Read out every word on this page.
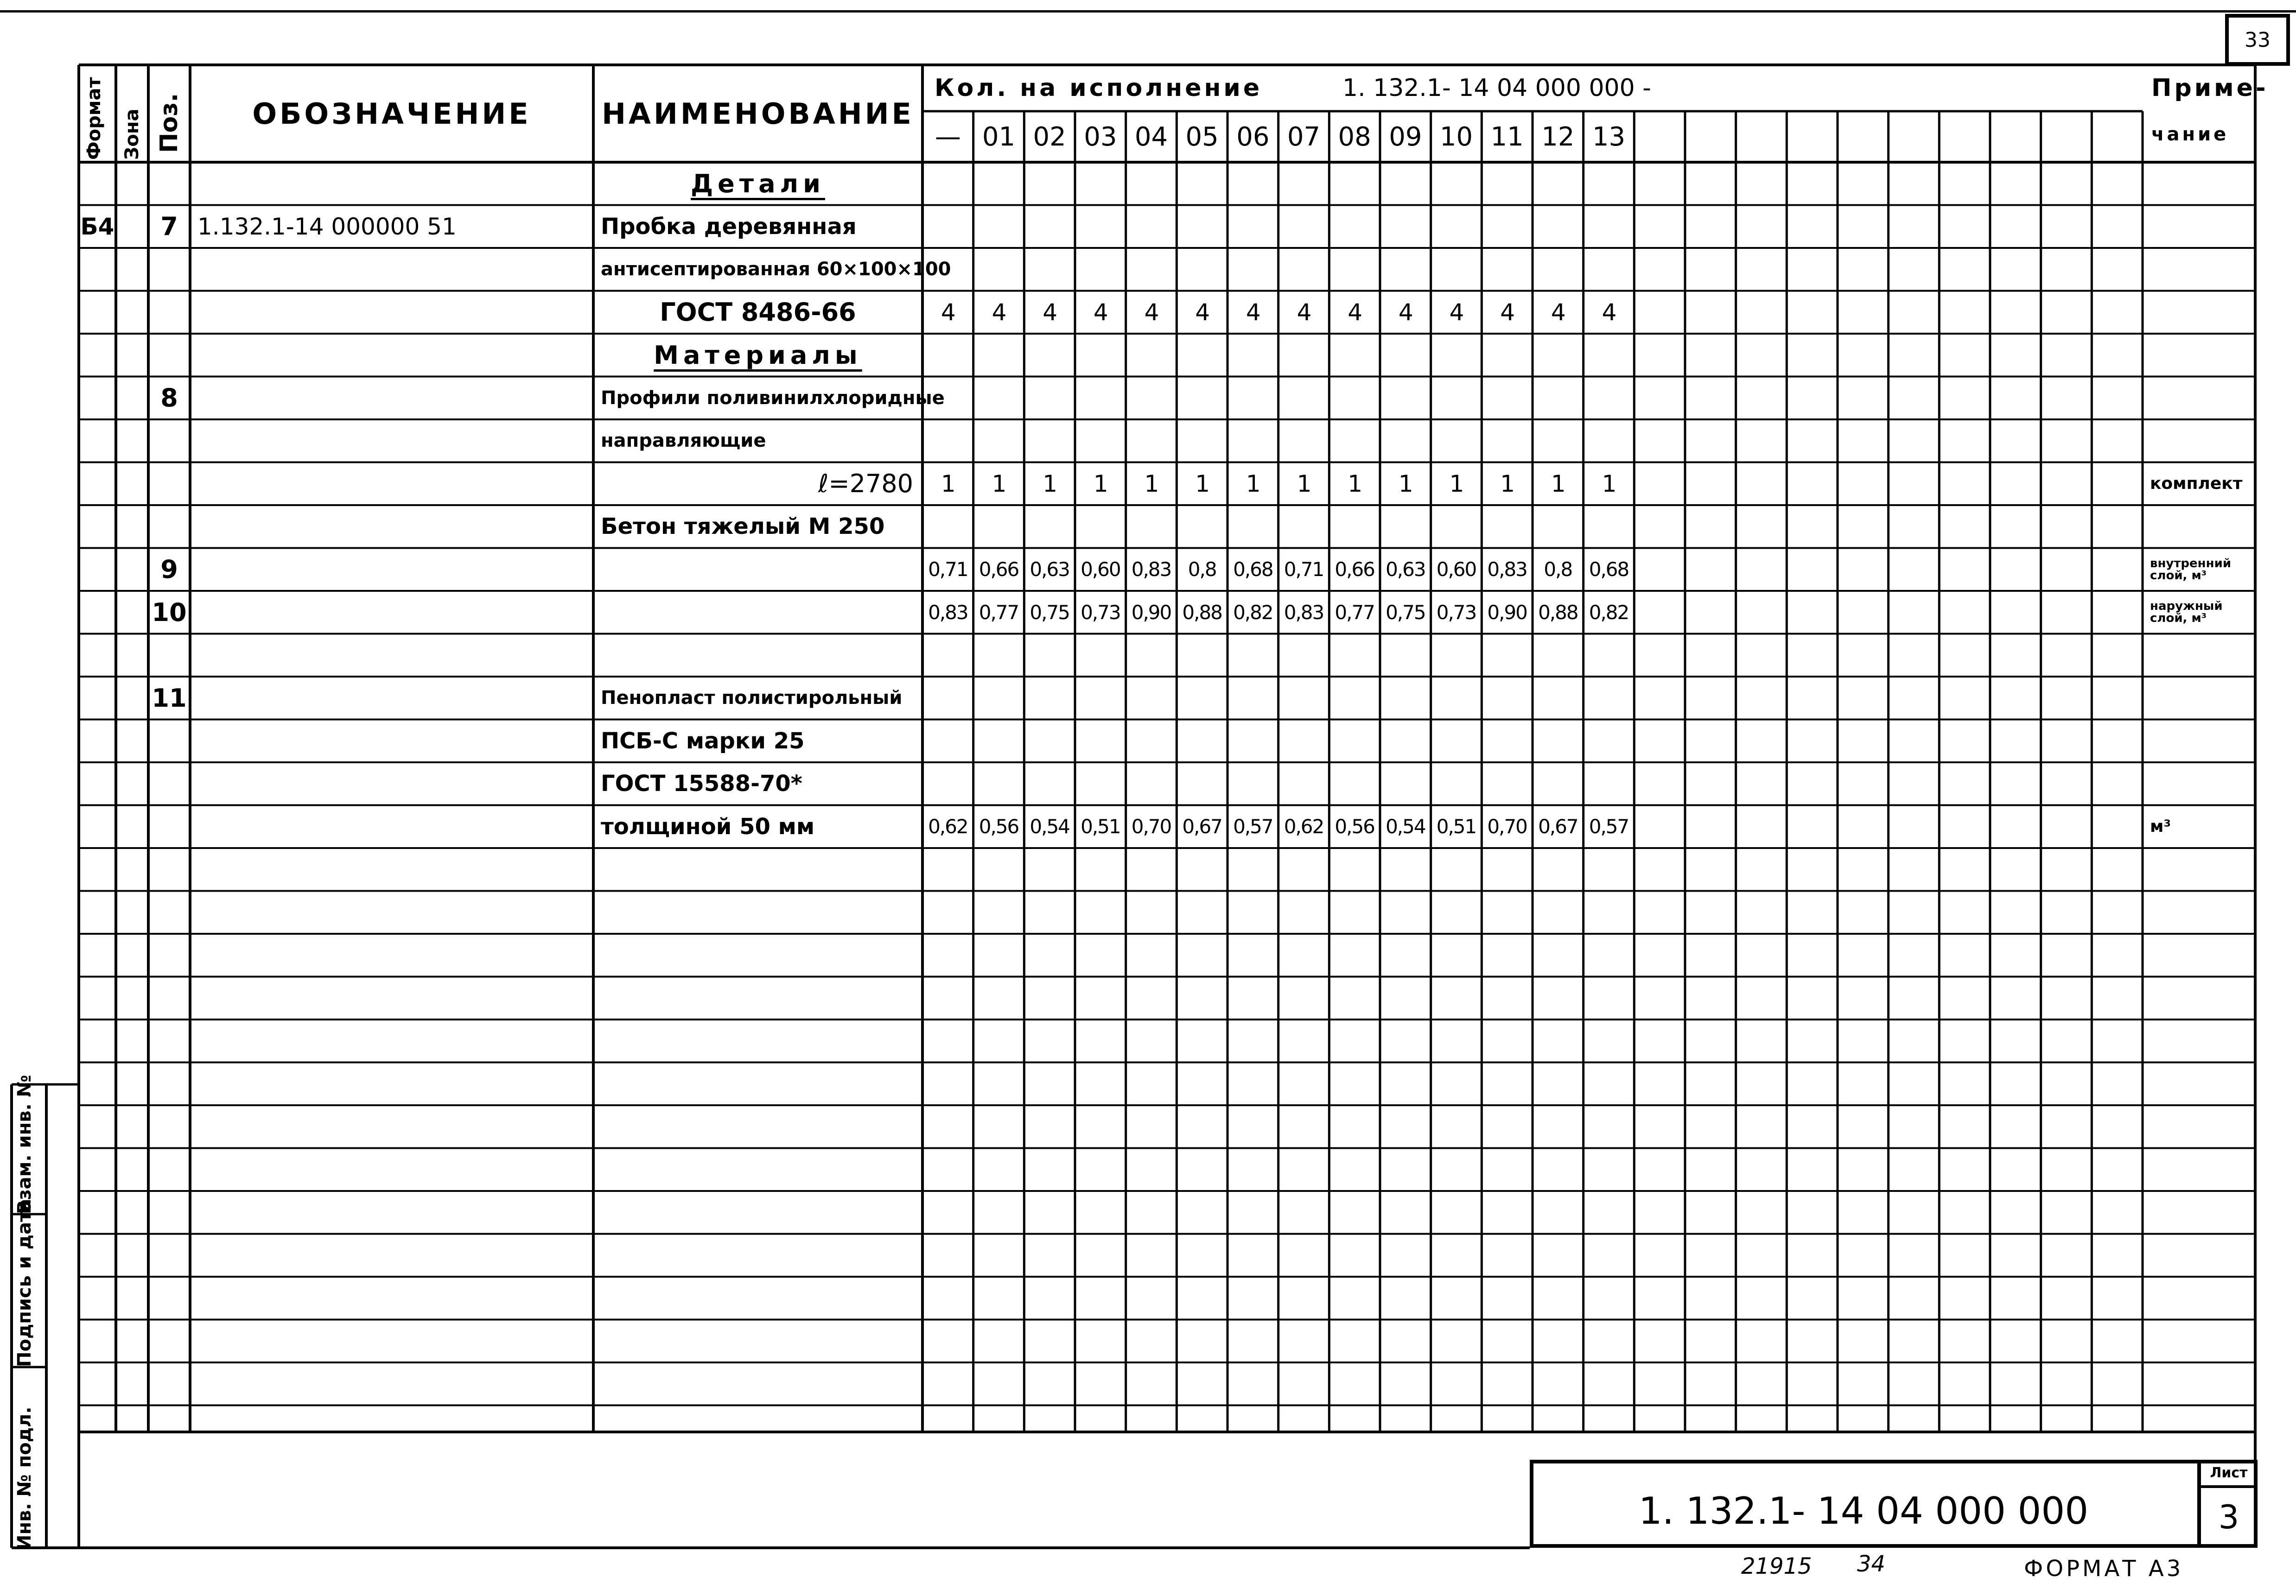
33
Формат Зона Поз.	ОБОЗНАЧЕНИЕ	НАИМЕНОВАНИЕ
Кол. на исполнение	1. 132.1- 14 04 000 000 -	Приме-
чание
— 01 02 03 04 05 06 07 08 09 10 11 12 13
Детали
Б4	7 1.132.1-14 000000 51	Пробка деревянная
антисептированная 60×100×100
ГОСТ 8486-66	4	4	4	4	4	4	4	4	4	4	4	4	4	4
Материалы
8	Профили поливинилхлоридные
направляющие
ℓ=2780	1	1	1	1	1	1	1	1	1	1	1	1	1	1	комплект
Бетон тяжелый М 250
9	0,71 0,66 0,63 0,60 0,83 0,8 0,68 0,71 0,66 0,63 0,60 0,83 0,8 0,68	внутренний слой, м³
10	0,83 0,77 0,75 0,73 0,90 0,88 0,82 0,83 0,77 0,75 0,73 0,90 0,88 0,82	наружный слой, м³
11	Пенопласт полистирольный
ПСБ-С марки 25
ГОСТ 15588-70*
толщиной 50 мм	0,62 0,56 0,54 0,51 0,70 0,67 0,57 0,62 0,56 0,54 0,51 0,70 0,67 0,57	м³
Инв. № подл.
Подпись и дата
Взам. инв. №
1. 132.1- 14 04 000 000
Лист
3
21915	34	ФОРМАТ А3
